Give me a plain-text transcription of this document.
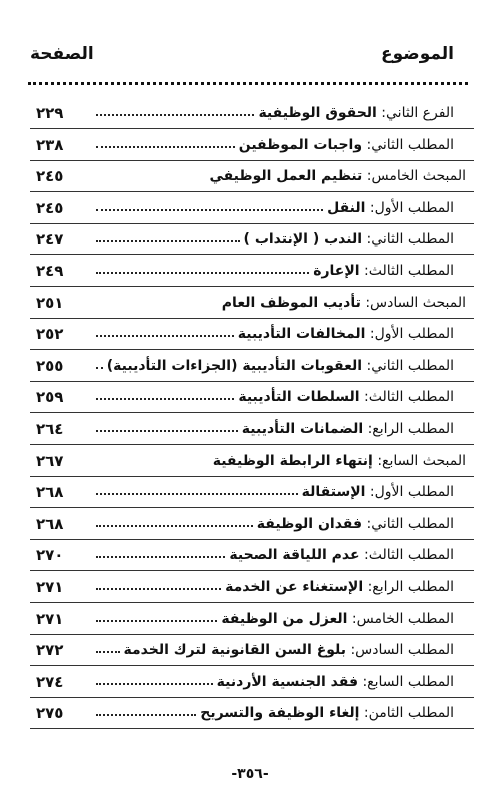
الموضوع
الصفحة
٢٢٩	الفرع الثاني: الحقوق الوظيفية
٢٣٨	المطلب الثاني: واجبات الموظفين
٢٤٥	المبحث الخامس: تنظيم العمل الوظيفي
٢٤٥	المطلب الأول: النقل
٢٤٧	المطلب الثاني: الندب ( الإنتداب )
٢٤٩	المطلب الثالث: الإعارة
٢٥١	المبحث السادس: تأديب الموظف العام
٢٥٢	المطلب الأول: المخالفات التأديبية
٢٥٥	المطلب الثاني: العقوبات التأديبية (الجزاءات التأديبية)
٢٥٩	المطلب الثالث: السلطات التأديبية
٢٦٤	المطلب الرابع: الضمانات التأديبية
٢٦٧	المبحث السابع: إنتهاء الرابطة الوظيفية
٢٦٨	المطلب الأول: الإستقالة
٢٦٨	المطلب الثاني: فقدان الوظيفة
٢٧٠	المطلب الثالث: عدم اللياقة الصحية
٢٧١	المطلب الرابع: الإستغناء عن الخدمة
٢٧١	المطلب الخامس: العزل من الوظيفة
٢٧٢	المطلب السادس: بلوغ السن القانونية لترك الخدمة
٢٧٤	المطلب السابع: فقد الجنسية الأردنية
٢٧٥	المطلب الثامن: إلغاء الوظيفة والتسريح
-٣٥٦-
